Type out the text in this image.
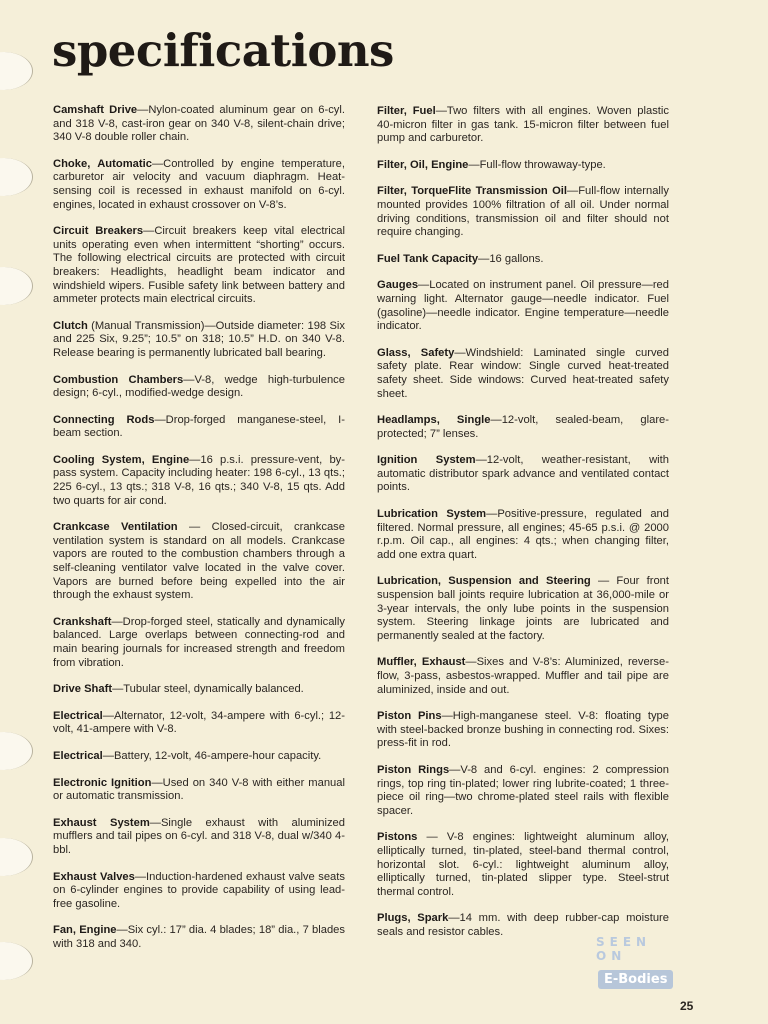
specifications

Camshaft Drive—Nylon-coated aluminum gear on 6-cyl. and 318 V-8, cast-iron gear on 340 V-8, silent-chain drive; 340 V-8 double roller chain.

Choke, Automatic—Controlled by engine temperature, carburetor air velocity and vacuum diaphragm. Heat-sensing coil is recessed in exhaust manifold on 6-cyl. engines, located in exhaust crossover on V-8’s.

Circuit Breakers—Circuit breakers keep vital electrical units operating even when intermittent “shorting” occurs. The following electrical circuits are protected with circuit breakers: Headlights, headlight beam indicator and windshield wipers. Fusible safety link between battery and ammeter protects main electrical circuits.

Clutch (Manual Transmission)—Outside diameter: 198 Six and 225 Six, 9.25”; 10.5” on 318; 10.5” H.D. on 340 V-8. Release bearing is permanently lubricated ball bearing.

Combustion Chambers—V-8, wedge high-turbulence design; 6-cyl., modified-wedge design.

Connecting Rods—Drop-forged manganese-steel, I-beam section.

Cooling System, Engine—16 p.s.i. pressure-vent, by-pass system. Capacity including heater: 198 6-cyl., 13 qts.; 225 6-cyl., 13 qts.; 318 V-8, 16 qts.; 340 V-8, 15 qts. Add two quarts for air cond.

Crankcase Ventilation — Closed-circuit, crankcase ventilation system is standard on all models. Crankcase vapors are routed to the combustion chambers through a self-cleaning ventilator valve located in the valve cover. Vapors are burned before being expelled into the air through the exhaust system.

Crankshaft—Drop-forged steel, statically and dynamically balanced. Large overlaps between connecting-rod and main bearing journals for increased strength and freedom from vibration.

Drive Shaft—Tubular steel, dynamically balanced.

Electrical—Alternator, 12-volt, 34-ampere with 6-cyl.; 12-volt, 41-ampere with V-8.

Electrical—Battery, 12-volt, 46-ampere-hour capacity.

Electronic Ignition—Used on 340 V-8 with either manual or automatic transmission.

Exhaust System—Single exhaust with aluminized mufflers and tail pipes on 6-cyl. and 318 V-8, dual w/340 4-bbl.

Exhaust Valves—Induction-hardened exhaust valve seats on 6-cylinder engines to provide capability of using lead-free gasoline.

Fan, Engine—Six cyl.: 17” dia. 4 blades; 18” dia., 7 blades with 318 and 340.

Filter, Fuel—Two filters with all engines. Woven plastic 40-micron filter in gas tank. 15-micron filter between fuel pump and carburetor.

Filter, Oil, Engine—Full-flow throwaway-type.

Filter, TorqueFlite Transmission Oil—Full-flow internally mounted provides 100% filtration of all oil. Under normal driving conditions, transmission oil and filter should not require changing.

Fuel Tank Capacity—16 gallons.

Gauges—Located on instrument panel. Oil pressure—red warning light. Alternator gauge—needle indicator. Fuel (gasoline)—needle indicator. Engine temperature—needle indicator.

Glass, Safety—Windshield: Laminated single curved safety plate. Rear window: Single curved heat-treated safety sheet. Side windows: Curved heat-treated safety sheet.

Headlamps, Single—12-volt, sealed-beam, glare-protected; 7” lenses.

Ignition System—12-volt, weather-resistant, with automatic distributor spark advance and ventilated contact points.

Lubrication System—Positive-pressure, regulated and filtered. Normal pressure, all engines; 45-65 p.s.i. @ 2000 r.p.m. Oil cap., all engines: 4 qts.; when changing filter, add one extra quart.

Lubrication, Suspension and Steering — Four front suspension ball joints require lubrication at 36,000-mile or 3-year intervals, the only lube points in the suspension system. Steering linkage joints are lubricated and permanently sealed at the factory.

Muffler, Exhaust—Sixes and V-8’s: Aluminized, reverse-flow, 3-pass, asbestos-wrapped. Muffler and tail pipe are aluminized, inside and out.

Piston Pins—High-manganese steel. V-8: floating type with steel-backed bronze bushing in connecting rod. Sixes: press-fit in rod.

Piston Rings—V-8 and 6-cyl. engines: 2 compression rings, top ring tin-plated; lower ring lubrite-coated; 1 three-piece oil ring—two chrome-plated steel rails with flexible spacer.

Pistons — V-8 engines: lightweight aluminum alloy, elliptically turned, tin-plated, steel-band thermal control, horizontal slot. 6-cyl.: lightweight aluminum alloy, elliptically turned, tin-plated slipper type. Steel-strut thermal control.

Plugs, Spark—14 mm. with deep rubber-cap moisture seals and resistor cables.

SEEN ON
E-Bodies
25
